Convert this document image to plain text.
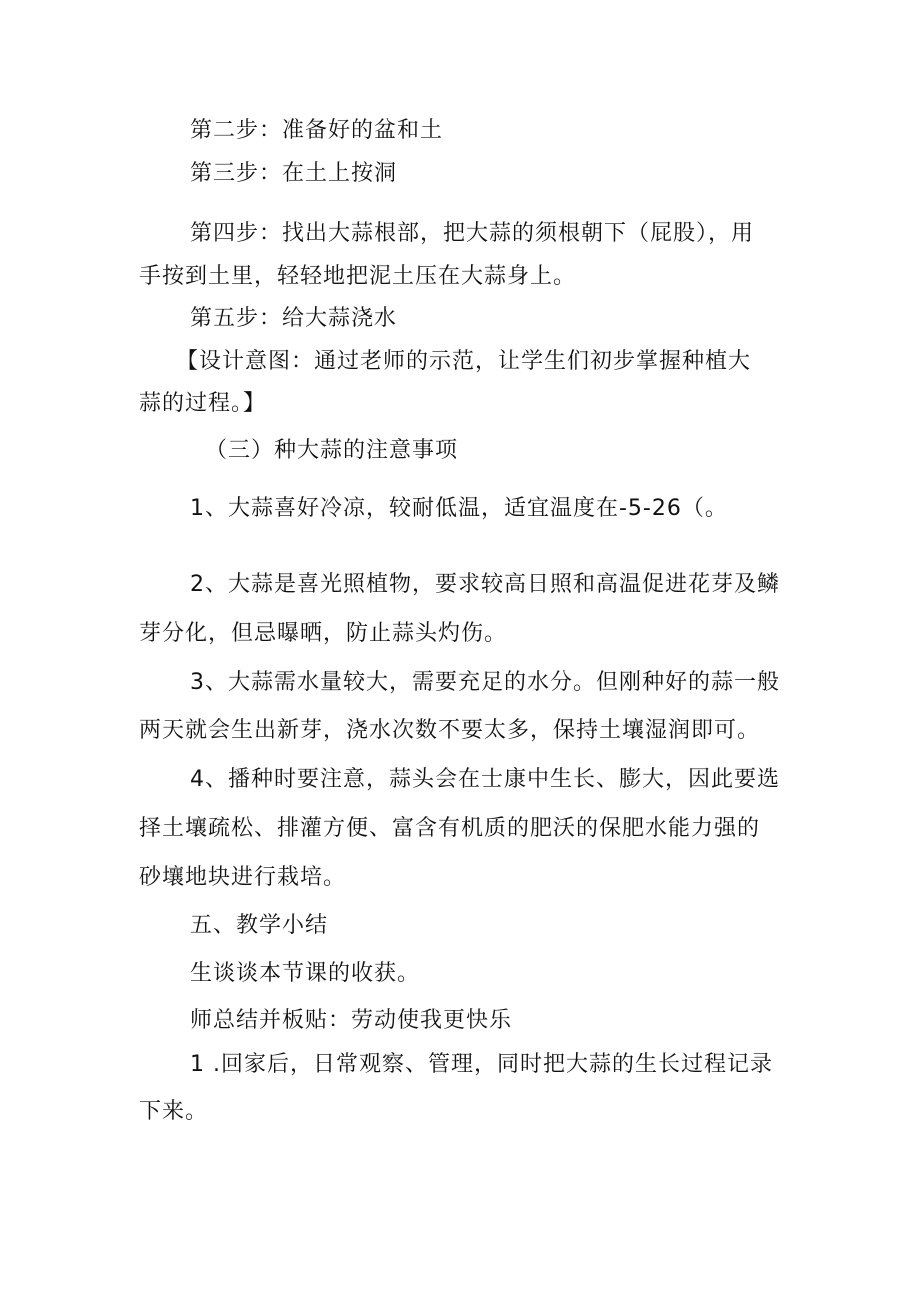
第二步：准备好的盆和土
第三步：在土上按洞
第四步：找出大蒜根部，把大蒜的须根朝下（屁股），用
手按到土里，轻轻地把泥土压在大蒜身上。
第五步：给大蒜浇水
【设计意图：通过老师的示范，让学生们初步掌握种植大
蒜的过程。】
（三）种大蒜的注意事项
1、大蒜喜好冷凉，较耐低温，适宜温度在-5-26（。
2、大蒜是喜光照植物，要求较高日照和高温促进花芽及鳞
芽分化，但忌曝晒，防止蒜头灼伤。
3、大蒜需水量较大，需要充足的水分。但刚种好的蒜一般
两天就会生出新芽，浇水次数不要太多，保持土壤湿润即可。
4、播种时要注意，蒜头会在士康中生长、膨大，因此要选
择土壤疏松、排灌方便、富含有机质的肥沃的保肥水能力强的
砂壤地块进行栽培。
五、教学小结
生谈谈本节课的收获。
师总结并板贴：劳动使我更快乐
1 .回家后，日常观察、管理，同时把大蒜的生长过程记录
下来。
